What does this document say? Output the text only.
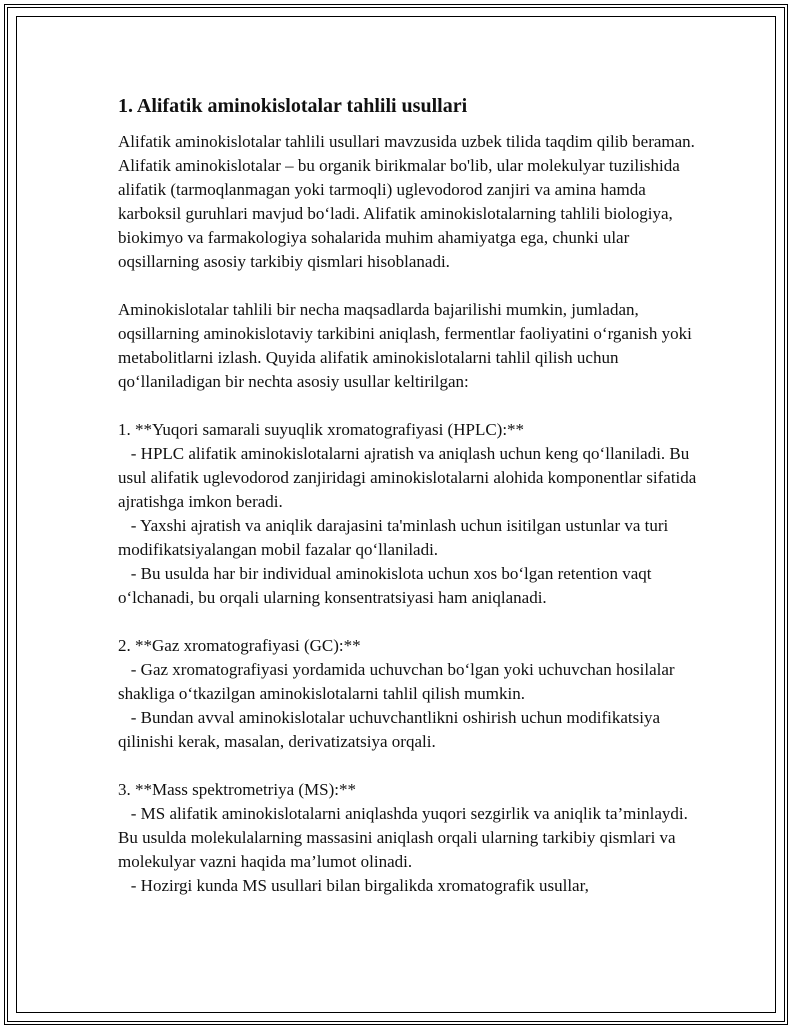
1. Alifatik aminokislotalar tahlili usullari

Alifatik aminokislotalar tahlili usullari mavzusida uzbek tilida taqdim qilib beraman. Alifatik aminokislotalar – bu organik birikmalar bo'lib, ular molekulyar tuzilishida alifatik (tarmoqlanmagan yoki tarmoqli) uglevodorod zanjiri va amina hamda karboksil guruhlari mavjud bo‘ladi. Alifatik aminokislotalarning tahlili biologiya, biokimyo va farmakologiya sohalarida muhim ahamiyatga ega, chunki ular oqsillarning asosiy tarkibiy qismlari hisoblanadi.

Aminokislotalar tahlili bir necha maqsadlarda bajarilishi mumkin, jumladan, oqsillarning aminokislotaviy tarkibini aniqlash, fermentlar faoliyatini o‘rganish yoki metabolitlarni izlash. Quyida alifatik aminokislotalarni tahlil qilish uchun qo‘llaniladigan bir nechta asosiy usullar keltirilgan:

1. **Yuqori samarali suyuqlik xromatografiyasi (HPLC):**
- HPLC alifatik aminokislotalarni ajratish va aniqlash uchun keng qo‘llaniladi. Bu usul alifatik uglevodorod zanjiridagi aminokislotalarni alohida komponentlar sifatida ajratishga imkon beradi.
- Yaxshi ajratish va aniqlik darajasini ta'minlash uchun isitilgan ustunlar va turi modifikatsiyalangan mobil fazalar qo‘llaniladi.
- Bu usulda har bir individual aminokislota uchun xos bo‘lgan retention vaqt o‘lchanadi, bu orqali ularning konsentratsiyasi ham aniqlanadi.

2. **Gaz xromatografiyasi (GC):**
- Gaz xromatografiyasi yordamida uchuvchan bo‘lgan yoki uchuvchan hosilalar shakliga o‘tkazilgan aminokislotalarni tahlil qilish mumkin.
- Bundan avval aminokislotalar uchuvchantlikni oshirish uchun modifikatsiya qilinishi kerak, masalan, derivatizatsiya orqali.

3. **Mass spektrometriya (MS):**
- MS alifatik aminokislotalarni aniqlashda yuqori sezgirlik va aniqlik ta’minlaydi. Bu usulda molekulalarning massasini aniqlash orqali ularning tarkibiy qismlari va molekulyar vazni haqida ma’lumot olinadi.
- Hozirgi kunda MS usullari bilan birgalikda xromatografik usullar,
